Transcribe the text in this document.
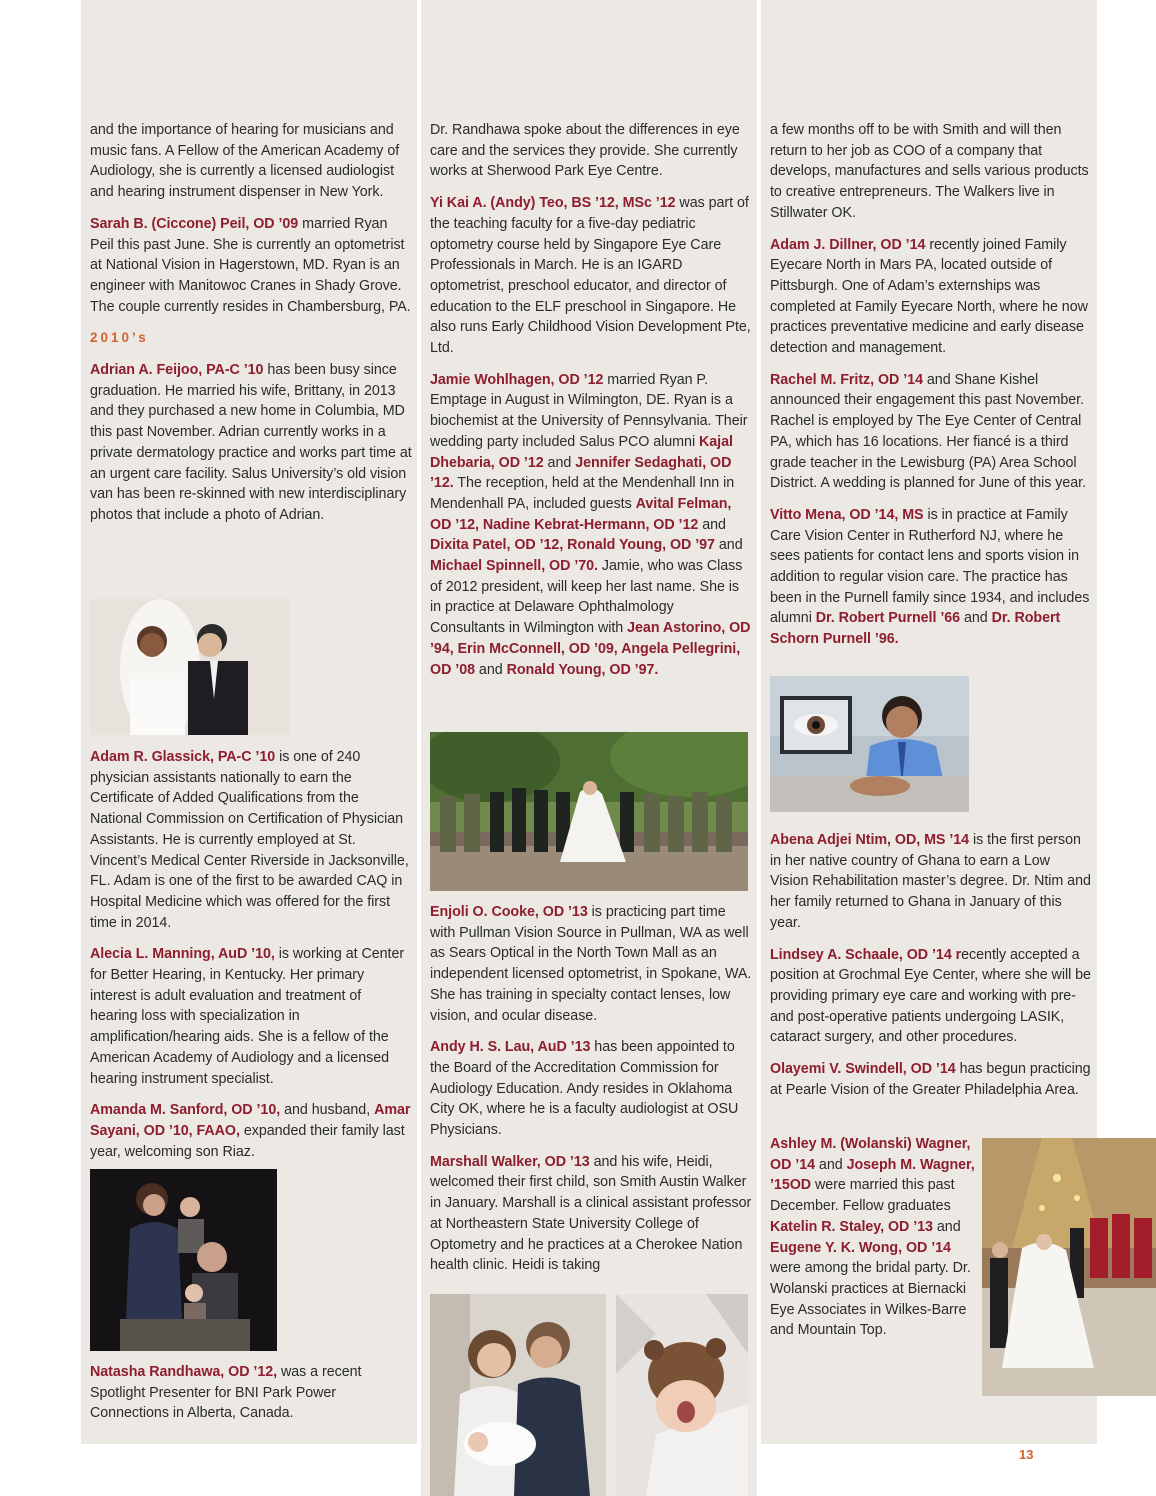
and the importance of hearing for musicians and music fans. A Fellow of the American Academy of Audiology, she is currently a licensed audiologist and hearing instrument dispenser in New York.

Sarah B. (Ciccone) Peil, OD ’09 married Ryan Peil this past June. She is currently an optometrist at National Vision in Hagerstown, MD. Ryan is an engineer with Manitowoc Cranes in Shady Grove. The couple currently resides in Chambersburg, PA.

2010’s

Adrian A. Feijoo, PA-C ’10 has been busy since graduation. He married his wife, Brittany, in 2013 and they purchased a new home in Columbia, MD this past November. Adrian currently works in a private dermatology practice and works part time at an urgent care facility. Salus University’s old vision van has been re-skinned with new interdisciplinary photos that include a photo of Adrian.

Adam R. Glassick, PA-C ’10 is one of 240 physician assistants nationally to earn the Certificate of Added Qualifications from the National Commission on Certification of Physician Assistants. He is currently employed at St. Vincent’s Medical Center Riverside in Jacksonville, FL. Adam is one of the first to be awarded CAQ in Hospital Medicine which was offered for the first time in 2014.

Alecia L. Manning, AuD ’10, is working at Center for Better Hearing, in Kentucky. Her primary interest is adult evaluation and treatment of hearing loss with specialization in amplification/hearing aids. She is a fellow of the American Academy of Audiology and a licensed hearing instrument specialist.

Amanda M. Sanford, OD ’10, and husband, Amar Sayani, OD ’10, FAAO, expanded their family last year, welcoming son Riaz.

Natasha Randhawa, OD ’12, was a recent Spotlight Presenter for BNI Park Power Connections in Alberta, Canada.

Dr. Randhawa spoke about the differences in eye care and the services they provide. She currently works at Sherwood Park Eye Centre.

Yi Kai A. (Andy) Teo, BS ’12, MSc ’12 was part of the teaching faculty for a five-day pediatric optometry course held by Singapore Eye Care Professionals in March. He is an IGARD optometrist, preschool educator, and director of education to the ELF preschool in Singapore. He also runs Early Childhood Vision Development Pte, Ltd.

Jamie Wohlhagen, OD ’12 married Ryan P. Emptage in August in Wilmington, DE. Ryan is a biochemist at the University of Pennsylvania. Their wedding party included Salus PCO alumni Kajal Dhebaria, OD ’12 and Jennifer Sedaghati, OD ’12. The reception, held at the Mendenhall Inn in Mendenhall PA, included guests Avital Felman, OD ’12, Nadine Kebrat-Hermann, OD ’12 and Dixita Patel, OD ’12, Ronald Young, OD ’97 and Michael Spinnell, OD ’70. Jamie, who was Class of 2012 president, will keep her last name. She is in practice at Delaware Ophthalmology Consultants in Wilmington with Jean Astorino, OD ’94, Erin McConnell, OD ’09, Angela Pellegrini, OD ’08 and Ronald Young, OD ’97.

Enjoli O. Cooke, OD ’13 is practicing part time with Pullman Vision Source in Pullman, WA as well as Sears Optical in the North Town Mall as an independent licensed optometrist, in Spokane, WA. She has training in specialty contact lenses, low vision, and ocular disease.

Andy H. S. Lau, AuD ’13 has been appointed to the Board of the Accreditation Commission for Audiology Education. Andy resides in Oklahoma City OK, where he is a faculty audiologist at OSU Physicians.

Marshall Walker, OD ’13 and his wife, Heidi, welcomed their first child, son Smith Austin Walker in January. Marshall is a clinical assistant professor at Northeastern State University College of Optometry and he practices at a Cherokee Nation health clinic. Heidi is taking

a few months off to be with Smith and will then return to her job as COO of a company that develops, manufactures and sells various products to creative entrepreneurs. The Walkers live in Stillwater OK.

Adam J. Dillner, OD ’14 recently joined Family Eyecare North in Mars PA, located outside of Pittsburgh. One of Adam’s externships was completed at Family Eyecare North, where he now practices preventative medicine and early disease detection and management.

Rachel M. Fritz, OD ’14 and Shane Kishel announced their engagement this past November. Rachel is employed by The Eye Center of Central PA, which has 16 locations. Her fiancé is a third grade teacher in the Lewisburg (PA) Area School District. A wedding is planned for June of this year.

Vitto Mena, OD ’14, MS is in practice at Family Care Vision Center in Rutherford NJ, where he sees patients for contact lens and sports vision in addition to regular vision care. The practice has been in the Purnell family since 1934, and includes alumni Dr. Robert Purnell ’66 and Dr. Robert Schorn Purnell ’96.

Abena Adjei Ntim, OD, MS ’14 is the first person in her native country of Ghana to earn a Low Vision Rehabilitation master’s degree. Dr. Ntim and her family returned to Ghana in January of this year.

Lindsey A. Schaale, OD ’14 recently accepted a position at Grochmal Eye Center, where she will be providing primary eye care and working with pre- and post-operative patients undergoing LASIK, cataract surgery, and other procedures.

Olayemi V. Swindell, OD ’14 has begun practicing at Pearle Vision of the Greater Philadelphia Area.

Ashley M. (Wolanski) Wagner, OD ’14 and Joseph M. Wagner, ’15OD were married this past December. Fellow graduates Katelin R. Staley, OD ’13 and Eugene Y. K. Wong, OD ’14 were among the bridal party. Dr. Wolanski practices at Biernacki Eye Associates in Wilkes-Barre and Mountain Top.

13
